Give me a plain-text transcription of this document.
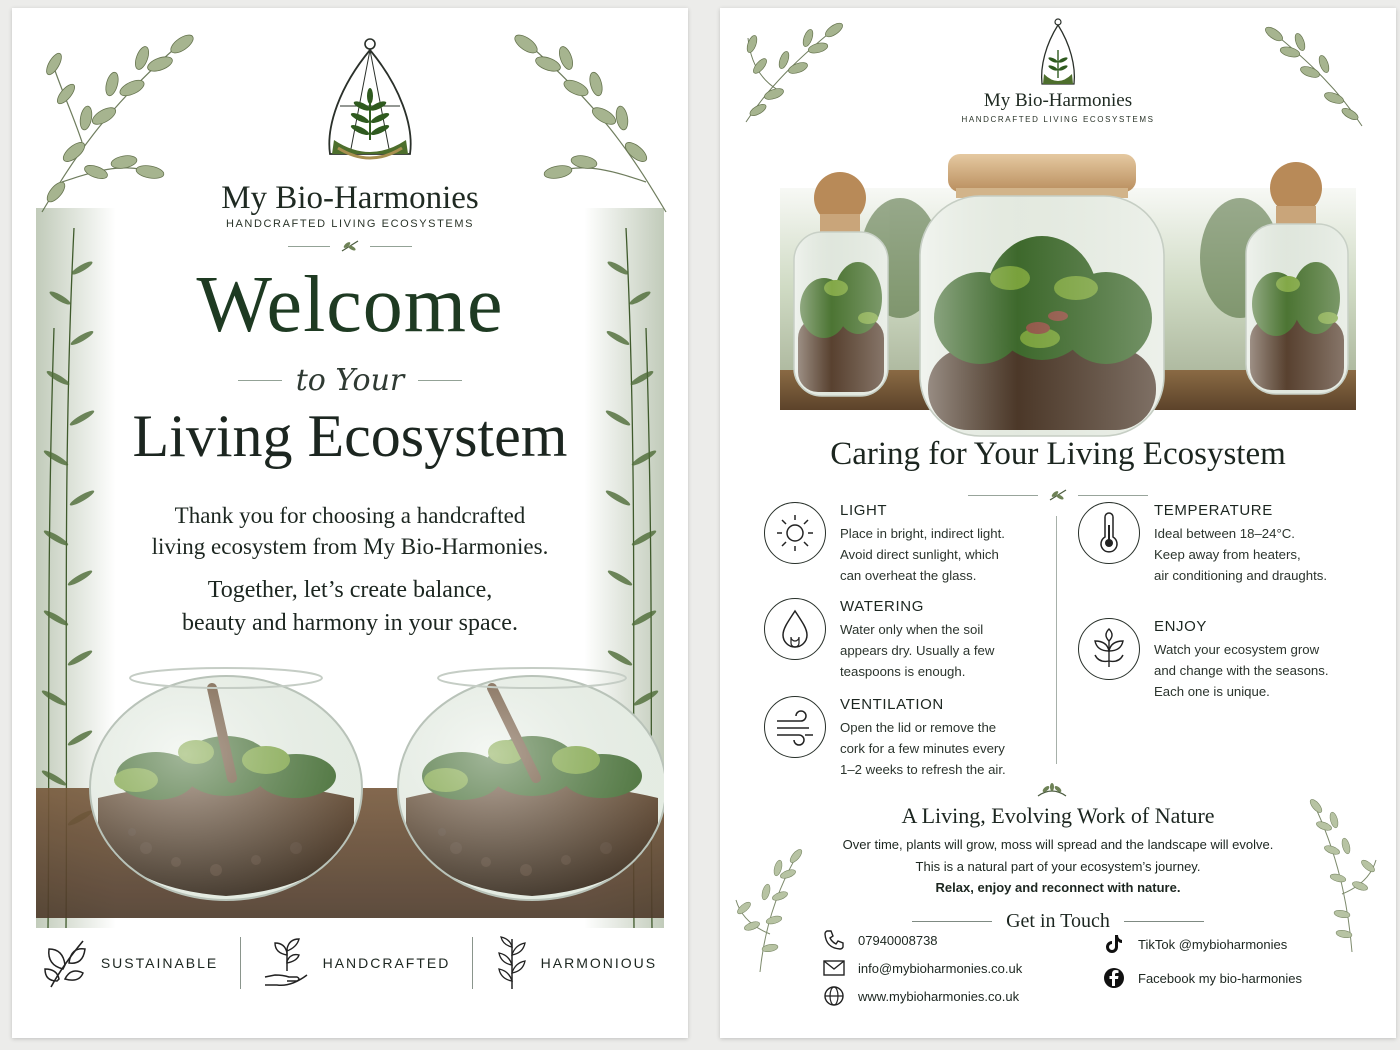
My Bio-Harmonies
HANDCRAFTED LIVING ECOSYSTEMS
Welcome
to Your
Living Ecosystem
Thank you for choosing a handcrafted
living ecosystem from My Bio-Harmonies.
Together, let’s create balance,
beauty and harmony in your space.
SUSTAINABLE	HANDCRAFTED	HARMONIOUS
My Bio-Harmonies
HANDCRAFTED LIVING ECOSYSTEMS
Caring for Your Living Ecosystem
LIGHT
Place in bright, indirect light.
Avoid direct sunlight, which
can overheat the glass.
WATERING
Water only when the soil
appears dry. Usually a few
teaspoons is enough.
VENTILATION
Open the lid or remove the
cork for a few minutes every
1–2 weeks to refresh the air.
TEMPERATURE
Ideal between 18–24°C.
Keep away from heaters,
air conditioning and draughts.
ENJOY
Watch your ecosystem grow
and change with the seasons.
Each one is unique.
A Living, Evolving Work of Nature
Over time, plants will grow, moss will spread and the landscape will evolve.
This is a natural part of your ecosystem’s journey.
Relax, enjoy and reconnect with nature.
Get in Touch
07940008738
info@mybioharmonies.co.uk
www.mybioharmonies.co.uk
TikTok @mybioharmonies
Facebook my bio-harmonies
